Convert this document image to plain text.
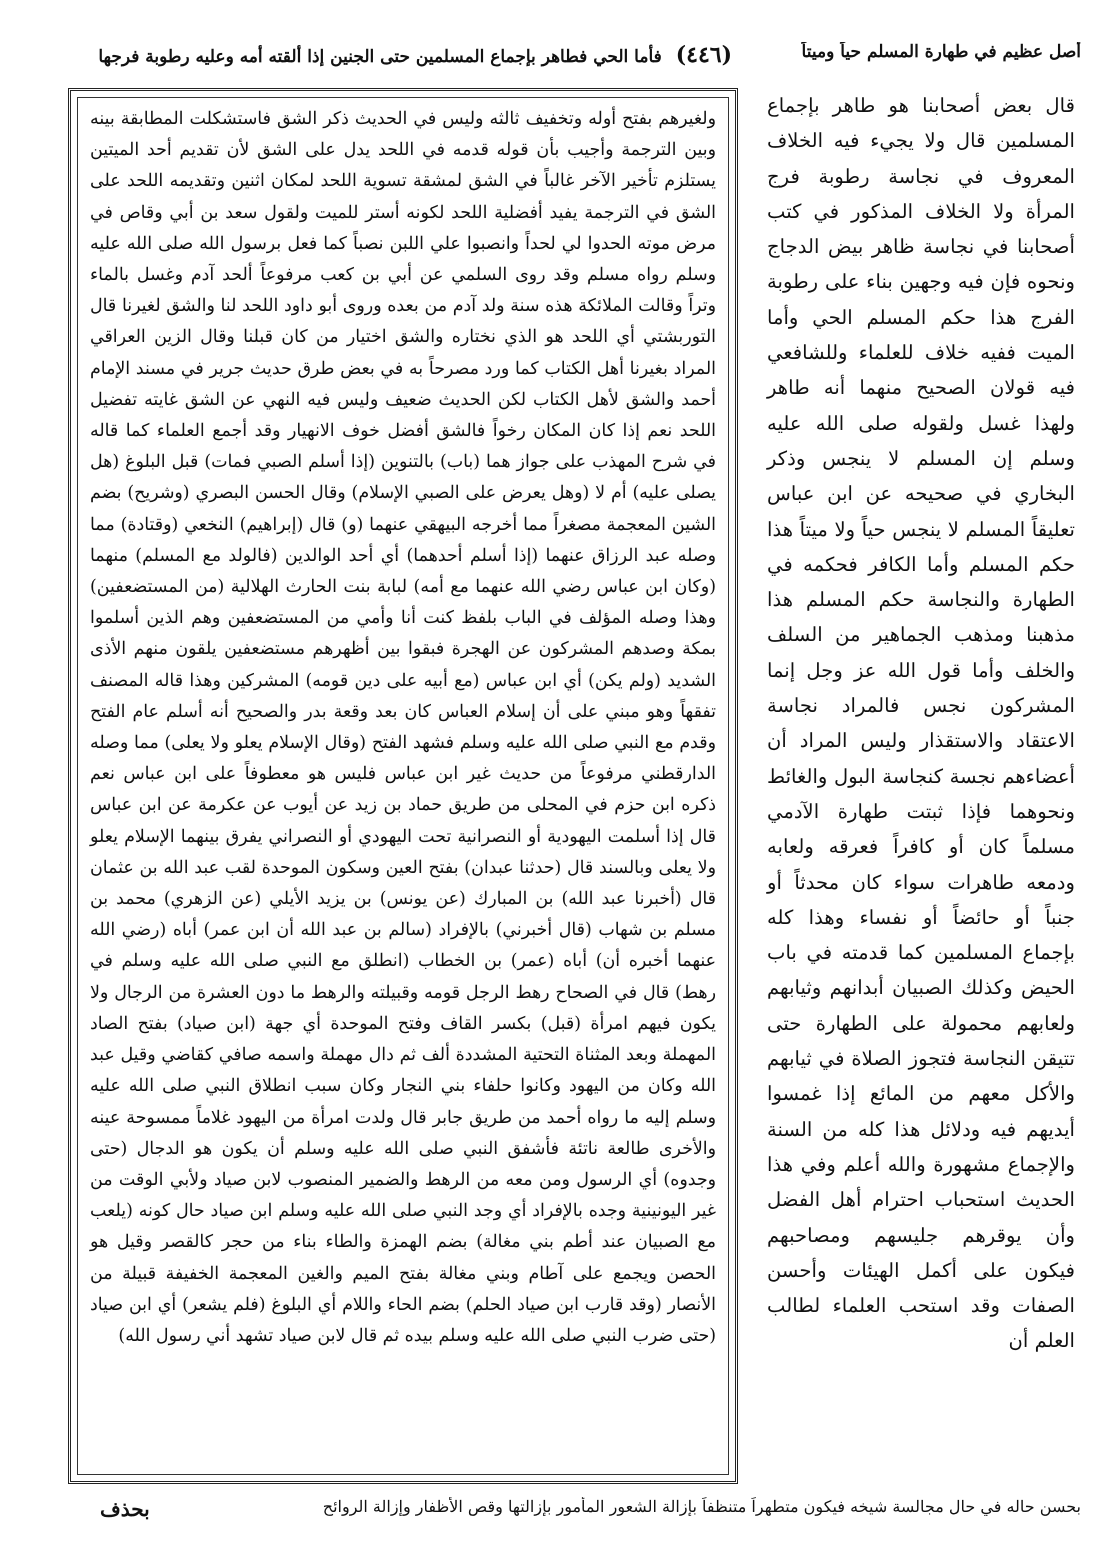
أصل عظيم في طهارة المسلم حياً وميتاً
(٤٤٦) فأما الحي فطاهر بإجماع المسلمين حتى الجنين إذا ألقته أمه وعليه رطوبة فرجها
قال بعض أصحابنا هو طاهر بإجماع المسلمين قال ولا يجيء فيه الخلاف المعروف في نجاسة رطوبة فرج المرأة ولا الخلاف المذكور في كتب أصحابنا في نجاسة ظاهر بيض الدجاج ونحوه فإن فيه وجهين بناء على رطوبة الفرج هذا حكم المسلم الحي وأما الميت ففيه خلاف للعلماء وللشافعي فيه قولان الصحيح منهما أنه طاهر ولهذا غسل ولقوله صلى الله عليه وسلم إن المسلم لا ينجس وذكر البخاري في صحيحه عن ابن عباس تعليقاً المسلم لا ينجس حياً ولا ميتاً هذا حكم المسلم وأما الكافر فحكمه في الطهارة والنجاسة حكم المسلم هذا مذهبنا ومذهب الجماهير من السلف والخلف وأما قول الله عز وجل إنما المشركون نجس فالمراد نجاسة الاعتقاد والاستقذار وليس المراد أن أعضاءهم نجسة كنجاسة البول والغائط ونحوهما فإذا ثبتت طهارة الآدمي مسلماً كان أو كافراً فعرقه ولعابه ودمعه طاهرات سواء كان محدثاً أو جنباً أو حائضاً أو نفساء وهذا كله بإجماع المسلمين كما قدمته في باب الحيض وكذلك الصبيان أبدانهم وثيابهم ولعابهم محمولة على الطهارة حتى تتيقن النجاسة فتجوز الصلاة في ثيابهم والأكل معهم من المائع إذا غمسوا أيديهم فيه ودلائل هذا كله من السنة والإجماع مشهورة والله أعلم وفي هذا الحديث استحباب احترام أهل الفضل وأن يوقرهم جليسهم ومصاحبهم فيكون على أكمل الهيئات وأحسن الصفات وقد استحب العلماء لطالب العلم أن
ولغيرهم بفتح أوله وتخفيف ثالثه وليس في الحديث ذكر الشق فاستشكلت المطابقة بينه وبين الترجمة وأجيب بأن قوله قدمه في اللحد يدل على الشق لأن تقديم أحد الميتين يستلزم تأخير الآخر غالباً في الشق لمشقة تسوية اللحد لمكان اثنين وتقديمه اللحد على الشق في الترجمة يفيد أفضلية اللحد لكونه أستر للميت ولقول سعد بن أبي وقاص في مرض موته الحدوا لي لحداً وانصبوا علي اللبن نصباً كما فعل برسول الله صلى الله عليه وسلم رواه مسلم وقد روى السلمي عن أبي بن كعب مرفوعاً ألحد آدم وغسل بالماء وتراً وقالت الملائكة هذه سنة ولد آدم من بعده وروى أبو داود اللحد لنا والشق لغيرنا قال التوربشتي أي اللحد هو الذي نختاره والشق اختيار من كان قبلنا وقال الزين العراقي المراد بغيرنا أهل الكتاب كما ورد مصرحاً به في بعض طرق حديث جرير في مسند الإمام أحمد والشق لأهل الكتاب لكن الحديث ضعيف وليس فيه النهي عن الشق غايته تفضيل اللحد نعم إذا كان المكان رخواً فالشق أفضل خوف الانهيار وقد أجمع العلماء كما قاله في شرح المهذب على جواز هما (باب) بالتنوين (إذا أسلم الصبي فمات) قبل البلوغ (هل يصلى عليه) أم لا (وهل يعرض على الصبي الإسلام) وقال الحسن البصري (وشريح) بضم الشين المعجمة مصغراً مما أخرجه البيهقي عنهما (و) قال (إبراهيم) النخعي (وقتادة) مما وصله عبد الرزاق عنهما (إذا أسلم أحدهما) أي أحد الوالدين (فالولد مع المسلم) منهما (وكان ابن عباس رضي الله عنهما مع أمه) لبابة بنت الحارث الهلالية (من المستضعفين) وهذا وصله المؤلف في الباب بلفظ كنت أنا وأمي من المستضعفين وهم الذين أسلموا بمكة وصدهم المشركون عن الهجرة فبقوا بين أظهرهم مستضعفين يلقون منهم الأذى الشديد (ولم يكن) أي ابن عباس (مع أبيه على دين قومه) المشركين وهذا قاله المصنف تفقهاً وهو مبني على أن إسلام العباس كان بعد وقعة بدر والصحيح أنه أسلم عام الفتح وقدم مع النبي صلى الله عليه وسلم فشهد الفتح (وقال الإسلام يعلو ولا يعلى) مما وصله الدارقطني مرفوعاً من حديث غير ابن عباس فليس هو معطوفاً على ابن عباس نعم ذكره ابن حزم في المحلى من طريق حماد بن زيد عن أيوب عن عكرمة عن ابن عباس قال إذا أسلمت اليهودية أو النصرانية تحت اليهودي أو النصراني يفرق بينهما الإسلام يعلو ولا يعلى وبالسند قال (حدثنا عبدان) بفتح العين وسكون الموحدة لقب عبد الله بن عثمان قال (أخبرنا عبد الله) بن المبارك (عن يونس) بن يزيد الأيلي (عن الزهري) محمد بن مسلم بن شهاب (قال أخبرني) بالإفراد (سالم بن عبد الله أن ابن عمر) أباه (رضي الله عنهما أخبره أن) أباه (عمر) بن الخطاب (انطلق مع النبي صلى الله عليه وسلم في رهط) قال في الصحاح رهط الرجل قومه وقبيلته والرهط ما دون العشرة من الرجال ولا يكون فيهم امرأة (قبل) بكسر القاف وفتح الموحدة أي جهة (ابن صياد) بفتح الصاد المهملة وبعد المثناة التحتية المشددة ألف ثم دال مهملة واسمه صافي كقاضي وقيل عبد الله وكان من اليهود وكانوا حلفاء بني النجار وكان سبب انطلاق النبي صلى الله عليه وسلم إليه ما رواه أحمد من طريق جابر قال ولدت امرأة من اليهود غلاماً ممسوحة عينه والأخرى طالعة ناتئة فأشفق النبي صلى الله عليه وسلم أن يكون هو الدجال (حتى وجدوه) أي الرسول ومن معه من الرهط والضمير المنصوب لابن صياد ولأبي الوقت من غير اليونينية وجده بالإفراد أي وجد النبي صلى الله عليه وسلم ابن صياد حال كونه (يلعب مع الصبيان عند أطم بني مغالة) بضم الهمزة والطاء بناء من حجر كالقصر وقيل هو الحصن ويجمع على آطام وبني مغالة بفتح الميم والغين المعجمة الخفيفة قبيلة من الأنصار (وقد قارب ابن صياد الحلم) بضم الحاء واللام أي البلوغ (فلم يشعر) أي ابن صياد (حتى ضرب النبي صلى الله عليه وسلم بيده ثم قال لابن صياد تشهد أني رسول الله)
بحسن حاله في حال مجالسة شيخه فيكون متطهراً متنظفاً بإزالة الشعور المأمور بإزالتها وقص الأظفار وإزالة الروائح
بحذف
